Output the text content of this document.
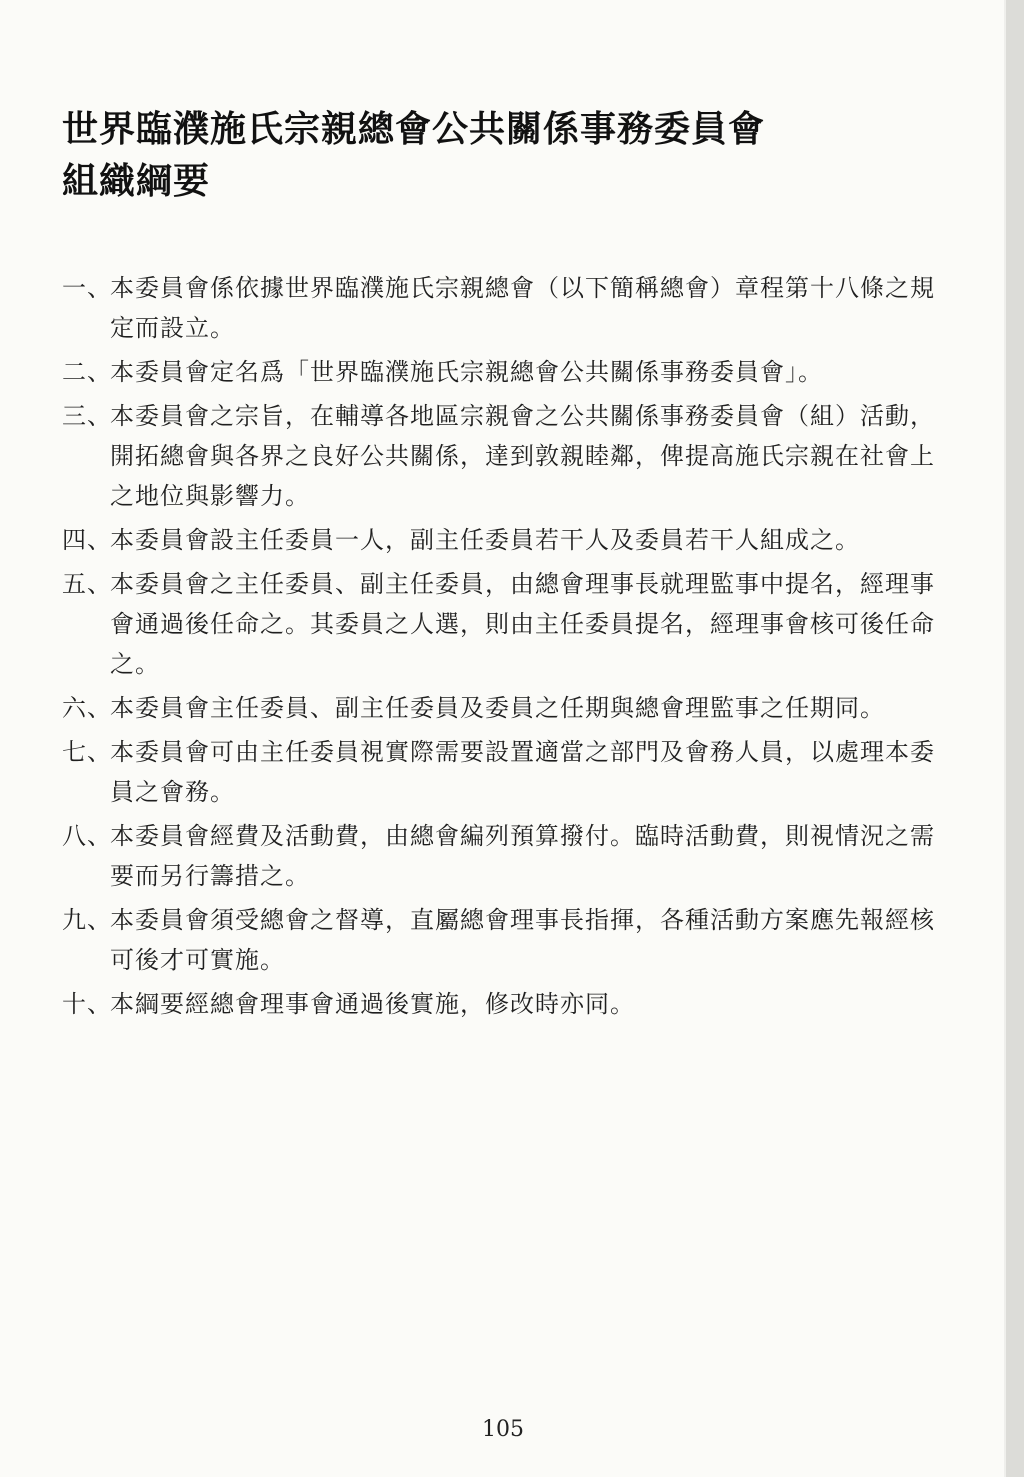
世界臨濮施氏宗親總會公共關係事務委員會
組織綱要
一、

本委員會係依據世界臨濮施氏宗親總會（以下簡稱總會）章程第十八條之規定而設立。

二、

本委員會定名爲「世界臨濮施氏宗親總會公共關係事務委員會」。

三、

本委員會之宗旨，在輔導各地區宗親會之公共關係事務委員會（組）活動，開拓總會與各界之良好公共關係，達到敦親睦鄰，俾提高施氏宗親在社會上之地位與影響力。

四、

本委員會設主任委員一人，副主任委員若干人及委員若干人組成之。

五、

本委員會之主任委員、副主任委員，由總會理事長就理監事中提名，經理事會通過後任命之。其委員之人選，則由主任委員提名，經理事會核可後任命之。

六、

本委員會主任委員、副主任委員及委員之任期與總會理監事之任期同。

七、

本委員會可由主任委員視實際需要設置適當之部門及會務人員，以處理本委員之會務。

八、

本委員會經費及活動費，由總會編列預算撥付。臨時活動費，則視情況之需要而另行籌措之。

九、

本委員會須受總會之督導，直屬總會理事長指揮，各種活動方案應先報經核可後才可實施。

十、

本綱要經總會理事會通過後實施，修改時亦同。

105
